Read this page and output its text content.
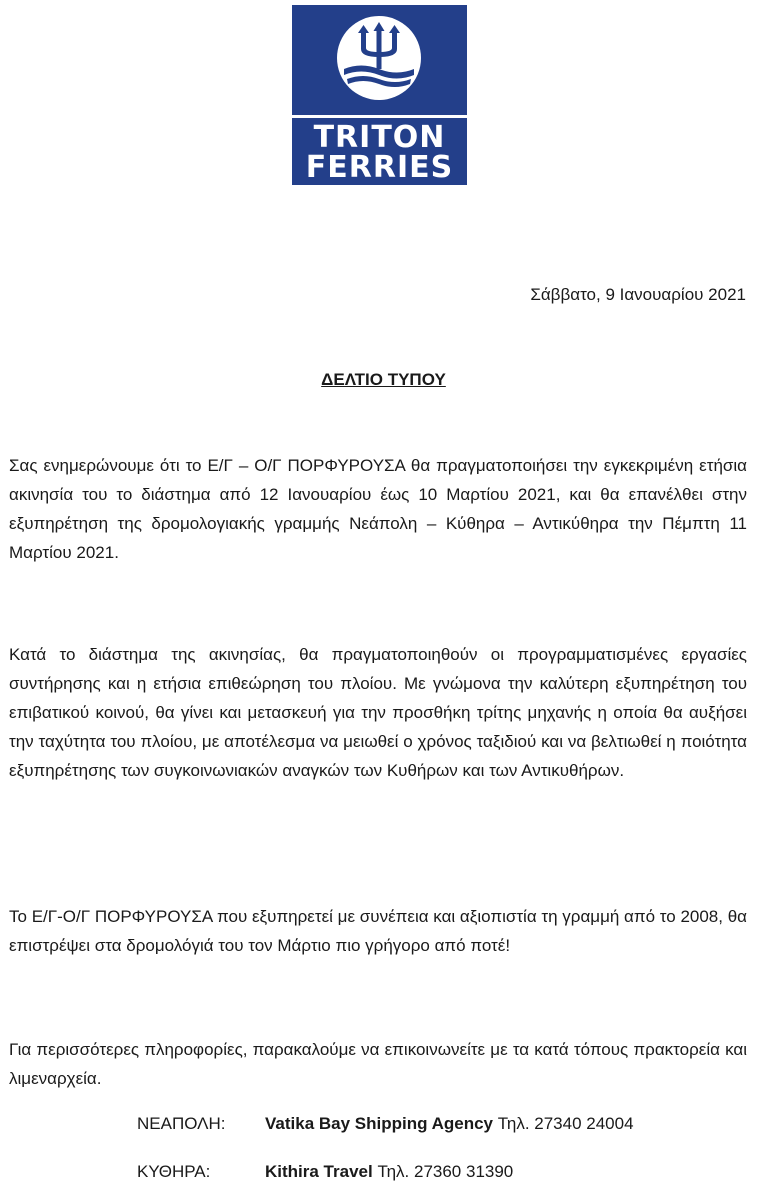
TRITON
FERRIES
Σάββατο, 9 Ιανουαρίου 2021
ΔΕΛΤΙΟ ΤΥΠΟΥ
Σας ενημερώνουμε ότι το Ε/Γ – Ο/Γ ΠΟΡΦΥΡΟΥΣΑ θα πραγματοποιήσει την εγκεκριμένη ετήσια ακινησία του το διάστημα από 12 Ιανουαρίου έως 10 Μαρτίου 2021, και θα επανέλθει στην εξυπηρέτηση της δρομολογιακής γραμμής Νεάπολη – Κύθηρα – Αντικύθηρα την Πέμπτη 11 Μαρτίου 2021.
Κατά το διάστημα της ακινησίας, θα πραγματοποιηθούν οι προγραμματισμένες εργασίες συντήρησης και η ετήσια επιθεώρηση του πλοίου. Με γνώμονα την καλύτερη εξυπηρέτηση του επιβατικού κοινού, θα γίνει και μετασκευή για την προσθήκη τρίτης μηχανής η οποία θα αυξήσει την ταχύτητα του πλοίου, με αποτέλεσμα να μειωθεί ο χρόνος ταξιδιού και να βελτιωθεί η ποιότητα εξυπηρέτησης των συγκοινωνιακών αναγκών των Κυθήρων και των Αντικυθήρων.
Το Ε/Γ-Ο/Γ ΠΟΡΦΥΡΟΥΣΑ που εξυπηρετεί με συνέπεια και αξιοπιστία τη γραμμή από το 2008, θα επιστρέψει στα δρομολόγιά του τον Μάρτιο πιο γρήγορο από ποτέ!
Για περισσότερες πληροφορίες, παρακαλούμε να επικοινωνείτε με τα κατά τόπους πρακτορεία και λιμεναρχεία.
ΝΕΑΠΟΛΗ: Vatika Bay Shipping Agency Τηλ. 27340 24004
ΚΥΘΗΡΑ:	Kithira Travel Τηλ. 27360 31390
